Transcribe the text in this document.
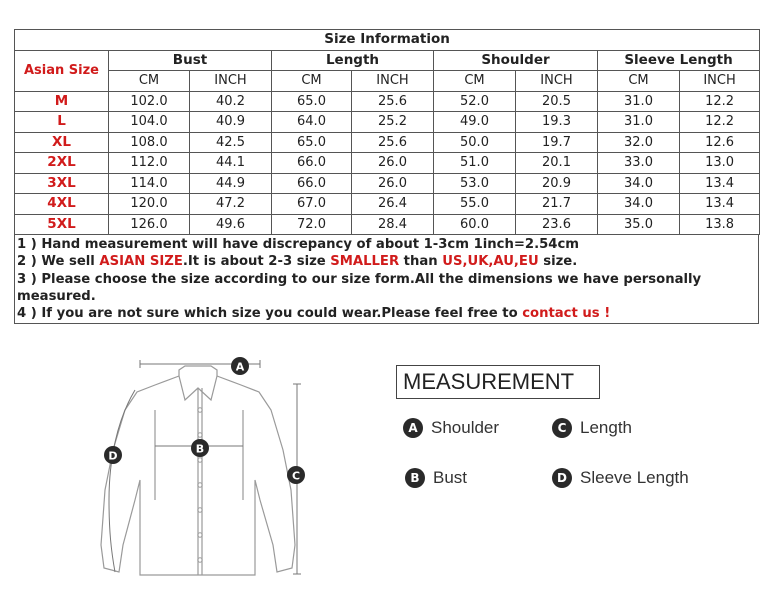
Size Information								
Asian Size	Bust		Length		Shoulder		Sleeve Length	
	CM	INCH	CM	INCH	CM	INCH	CM	INCH
M	102.0	40.2	65.0	25.6	52.0	20.5	31.0	12.2
L	104.0	40.9	64.0	25.2	49.0	19.3	31.0	12.2
XL	108.0	42.5	65.0	25.6	50.0	19.7	32.0	12.6
2XL	112.0	44.1	66.0	26.0	51.0	20.1	33.0	13.0
3XL	114.0	44.9	66.0	26.0	53.0	20.9	34.0	13.4
4XL	120.0	47.2	67.0	26.4	55.0	21.7	34.0	13.4
5XL	126.0	49.6	72.0	28.4	60.0	23.6	35.0	13.8
1 ) Hand measurement will have discrepancy of about 1-3cm 1inch=2.54cm
2 ) We sell ASIAN SIZE.It is about 2-3 size SMALLER than US,UK,AU,EU size.
3 ) Please choose the size according to our size form.All the dimensions we have personally measured.
4 ) If you are not sure which size you could wear.Please feel free to contact us !
A
B
C
D
MEASUREMENT
A Shoulder	C Length
B Bust	D Sleeve Length
